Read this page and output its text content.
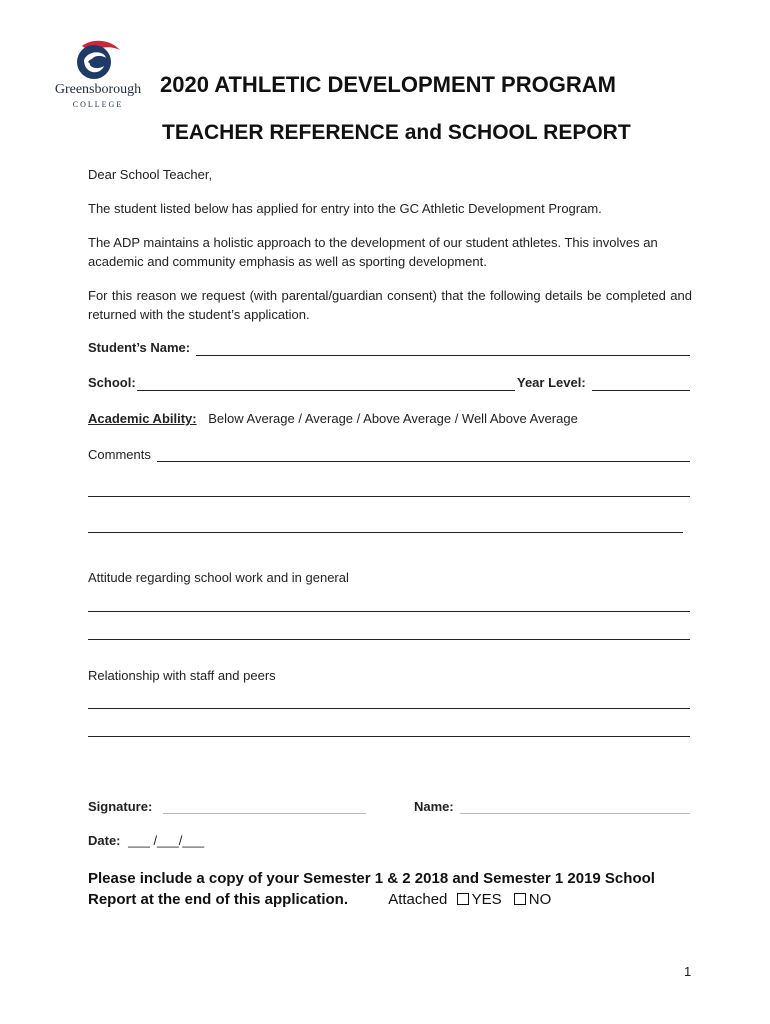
Greensborough
COLLEGE
2020 ATHLETIC DEVELOPMENT PROGRAM
TEACHER REFERENCE and SCHOOL REPORT
Dear School Teacher,
The student listed below has applied for entry into the GC Athletic Development Program.
The ADP maintains a holistic approach to the development of our student athletes. This involves an academic and community emphasis as well as sporting development.
For this reason we request (with parental/guardian consent) that the following details be completed and returned with the student’s application.
Student’s Name:
School:	Year Level:
Academic Ability: Below Average / Average / Above Average / Well Above Average
Comments
Attitude regarding school work and in general
Relationship with staff and peers
Signature:	Name:
Date: ___ /___/___
Please include a copy of your Semester 1 & 2 2018 and Semester 1 2019 School
Report at the end of this application.	Attached YES NO
1
